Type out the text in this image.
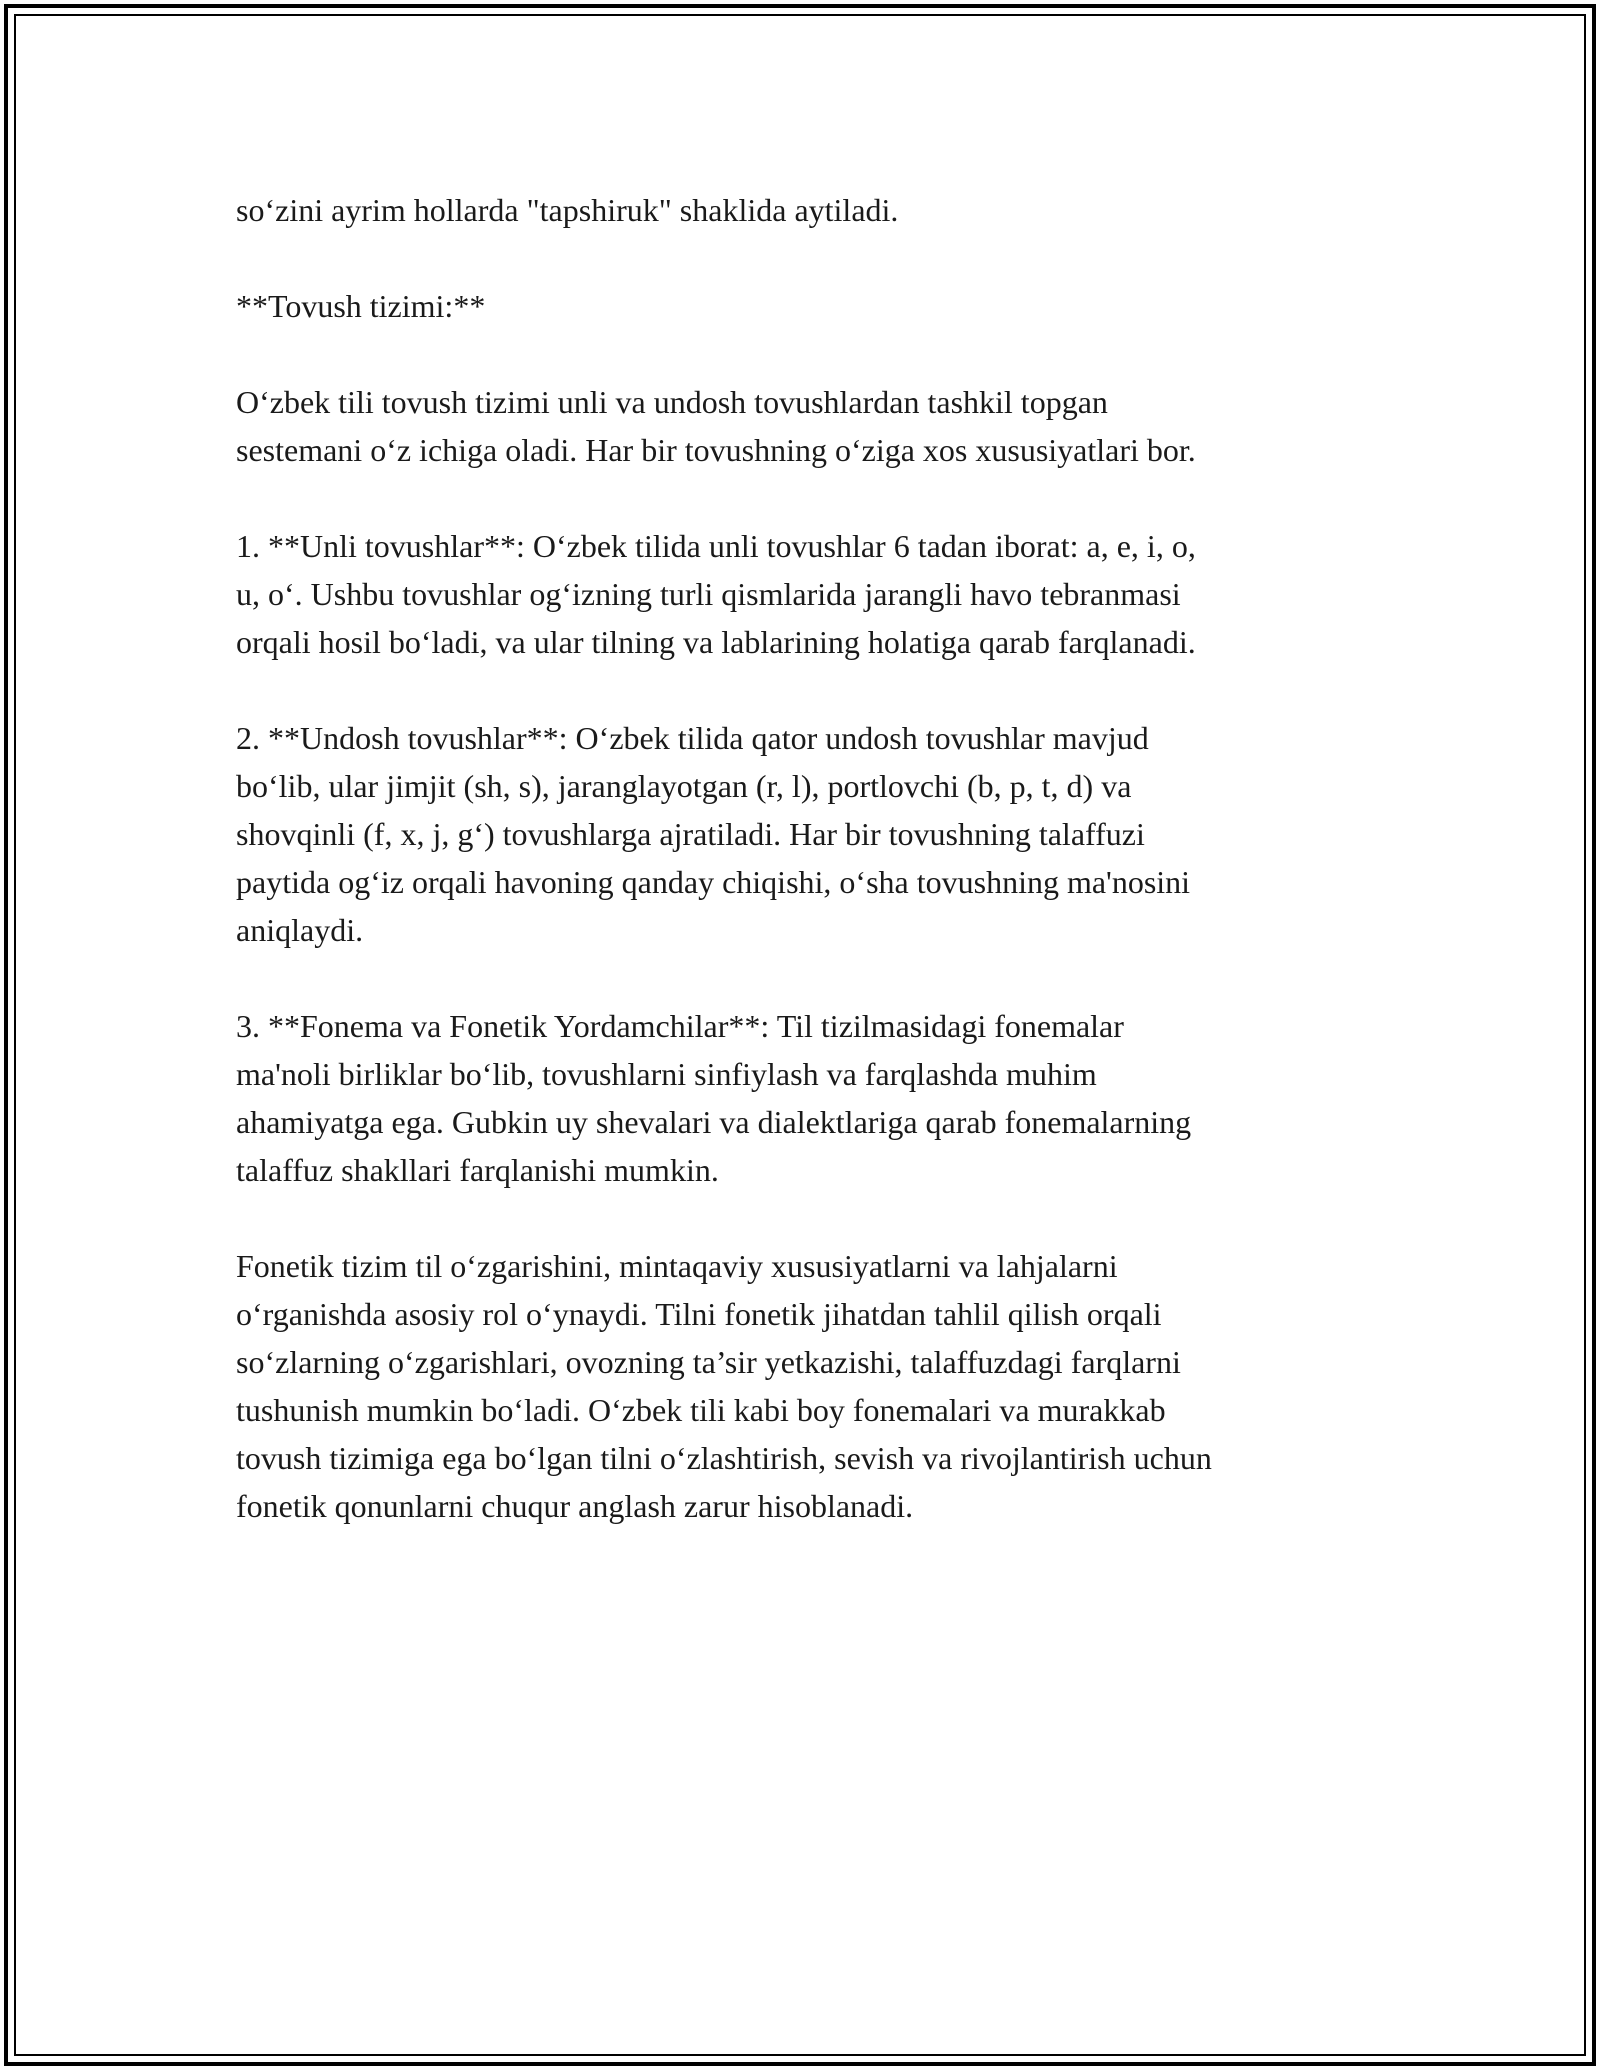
so‘zini ayrim hollarda "tapshiruk" shaklida aytiladi.

**Tovush tizimi:**

O‘zbek tili tovush tizimi unli va undosh tovushlardan tashkil topgan
sestemani o‘z ichiga oladi. Har bir tovushning o‘ziga xos xususiyatlari bor.

1. **Unli tovushlar**: O‘zbek tilida unli tovushlar 6 tadan iborat: a, e, i, o,
u, o‘. Ushbu tovushlar og‘izning turli qismlarida jarangli havo tebranmasi
orqali hosil bo‘ladi, va ular tilning va lablarining holatiga qarab farqlanadi.

2. **Undosh tovushlar**: O‘zbek tilida qator undosh tovushlar mavjud
bo‘lib, ular jimjit (sh, s), jaranglayotgan (r, l), portlovchi (b, p, t, d) va
shovqinli (f, x, j, g‘) tovushlarga ajratiladi. Har bir tovushning talaffuzi
paytida og‘iz orqali havoning qanday chiqishi, o‘sha tovushning ma'nosini
aniqlaydi.

3. **Fonema va Fonetik Yordamchilar**: Til tizilmasidagi fonemalar
ma'noli birliklar bo‘lib, tovushlarni sinfiylash va farqlashda muhim
ahamiyatga ega. Gubkin uy shevalari va dialektlariga qarab fonemalarning
talaffuz shakllari farqlanishi mumkin.

Fonetik tizim til o‘zgarishini, mintaqaviy xususiyatlarni va lahjalarni
o‘rganishda asosiy rol o‘ynaydi. Tilni fonetik jihatdan tahlil qilish orqali
so‘zlarning o‘zgarishlari, ovozning ta’sir yetkazishi, talaffuzdagi farqlarni
tushunish mumkin bo‘ladi. O‘zbek tili kabi boy fonemalari va murakkab
tovush tizimiga ega bo‘lgan tilni o‘zlashtirish, sevish va rivojlantirish uchun
fonetik qonunlarni chuqur anglash zarur hisoblanadi.
